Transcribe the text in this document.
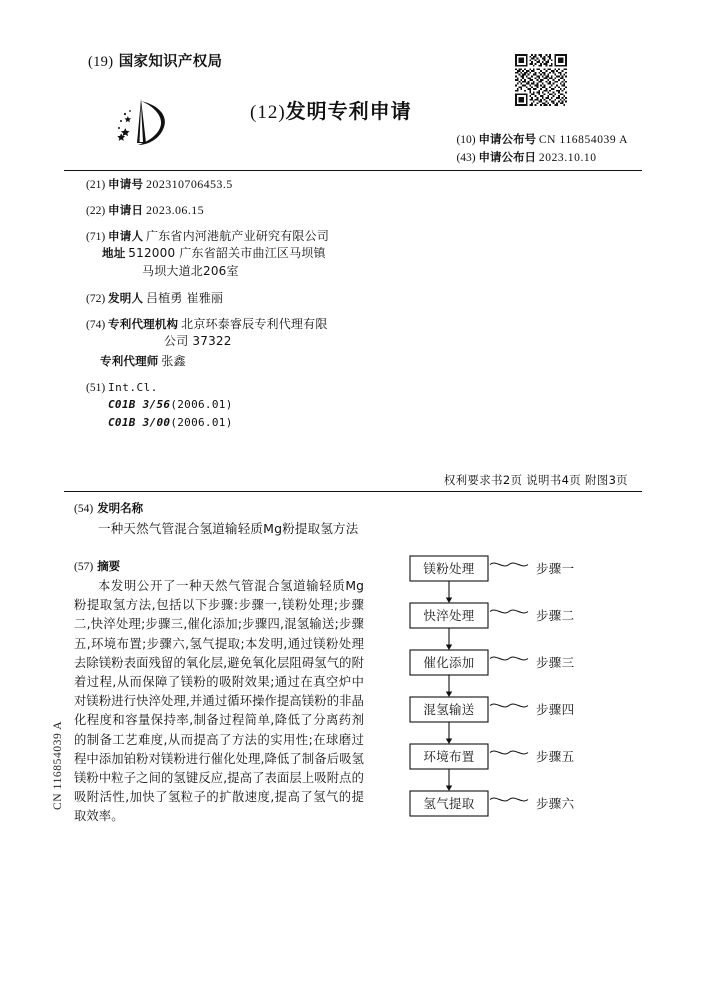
CN 116854039 A
(19) 国家知识产权局
(12)发明专利申请
(10) 申请公布号 CN 116854039 A
(43) 申请公布日 2023.10.10
(21) 申请号 202310706453.5
(22) 申请日 2023.06.15
(71) 申请人 广东省内河港航产业研究有限公司
地址 512000 广东省韶关市曲江区马坝镇
马坝大道北206室
(72) 发明人 吕植勇 崔雅丽
(74) 专利代理机构 北京环泰睿辰专利代理有限
公司 37322
专利代理师 张鑫
(51) Int.Cl.
C01B 3/56(2006.01)
C01B 3/00(2006.01)
权利要求书2页 说明书4页 附图3页
(54) 发明名称
一种天然气管混合氢道输轻质Mg粉提取氢方法
(57) 摘要
本发明公开了一种天然气管混合氢道输轻质Mg粉提取氢方法,包括以下步骤:步骤一,镁粉处理;步骤二,快淬处理;步骤三,催化添加;步骤四,混氢输送;步骤五,环境布置;步骤六,氢气提取;本发明,通过镁粉处理去除镁粉表面残留的氧化层,避免氧化层阻碍氢气的附着过程,从而保障了镁粉的吸附效果;通过在真空炉中对镁粉进行快淬处理,并通过循环操作提高镁粉的非晶化程度和容量保持率,制备过程简单,降低了分离药剂的制备工艺难度,从而提高了方法的实用性;在球磨过程中添加铂粉对镁粉进行催化处理,降低了制备后吸氢镁粉中粒子之间的氢键反应,提高了表面层上吸附点的吸附活性,加快了氢粒子的扩散速度,提高了氢气的提取效率。
镁粉处理	步骤一
快淬处理	步骤二
催化添加	步骤三
混氢输送	步骤四
环境布置	步骤五
氢气提取	步骤六
